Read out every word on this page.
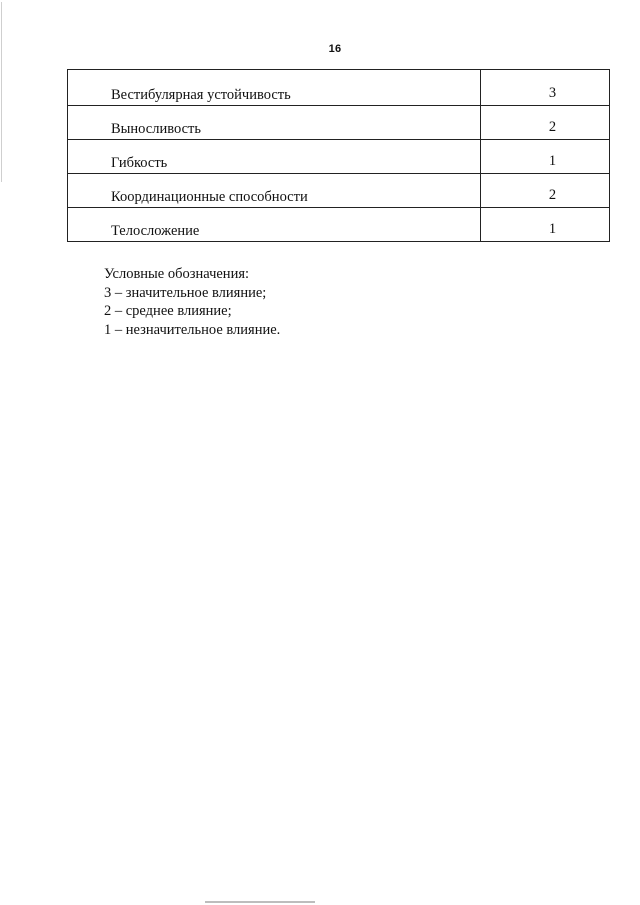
16
Вестибулярная устойчивость	3
Выносливость	2
Гибкость	1
Координационные способности	2
Телосложение	1
Условные обозначения:
3 – значительное влияние;
2 – среднее влияние;
1 – незначительное влияние.
